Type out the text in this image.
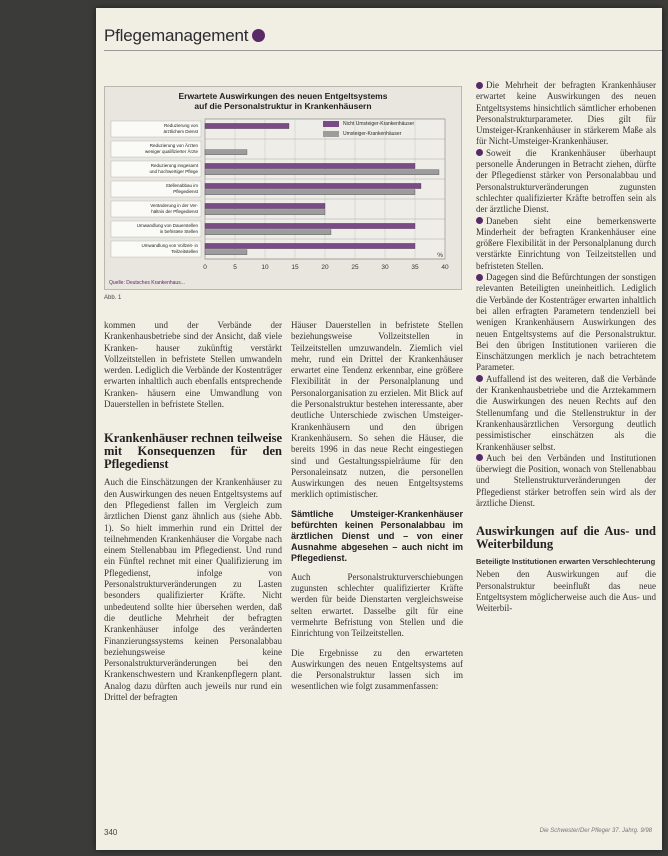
Pflegemanagement
Erwartete Auswirkungen des neuen Entgeltsystems
auf die Personalstruktur in Krankenhäusern
0	5	10	15	20	25	30	35	40
%
Reduzierung von
ärztlichem Dienst
Reduzierung von Ärzten
weniger qualifizierter Ärzte
Reduzierung insgesamt
und hochwertiger Pflege
Stellenabbau im
Pflegedienst
Veränderung in der Ver-
hältnis der Pflegedienst
Umwandlung von Dauerstellen
in befristete Stellen
Umwandlung von Vollzeit- in
Teilzeitstellen
Nicht Umsteiger-Krankenhäuser
Umsteiger-Krankenhäuser
Quelle: Deutsches Krankenhaus...
Abb. 1

kommen und der Verbände der Krankenhausbetriebe sind der Ansicht, daß viele Kranken- hauser zukünftig verstärkt Vollzeitstellen in befristete Stellen umwandeln werden. Lediglich die Verbände der Kostenträger erwarten inhaltlich auch ebenfalls entsprechende Kranken- häusern eine Umwandlung von Dauerstellen in befristete Stellen.

Krankenhäuser rechnen teilweise mit Konsequenzen für den Pflegedienst

Auch die Einschätzungen der Krankenhäuser zu den Auswirkungen des neuen Entgeltsystems auf den Pflegedienst fallen im Vergleich zum ärztlichen Dienst ganz ähnlich aus (siehe Abb. 1). So hielt immerhin rund ein Drittel der teilnehmenden Krankenhäuser die Vorgabe nach einem Stellenabbau im Pflegedienst. Und rund ein Fünftel rechnet mit einer Qualifizierung im Pflegedienst, infolge von Personalstrukturveränderungen zu Lasten besonders qualifizierter Kräfte. Nicht unbedeutend sollte hier übersehen werden, daß die deutliche Mehrheit der befragten Krankenhäuser infolge des veränderten Finanzierungssystems keinen Personalabbau beziehungsweise keine Personalstrukturveränderungen bei den Krankenschwestern und Krankenpflegern plant. Analog dazu dürften auch jeweils nur rund ein Drittel der befragten

Häuser Dauerstellen in befristete Stellen beziehungsweise Vollzeitstellen in Teilzeitstellen umzuwandeln. Ziemlich viel mehr, rund ein Drittel der Krankenhäuser erwartet eine Tendenz erkennbar, eine größere Flexibilität in der Personalplanung und Personalorganisation zu erzielen. Mit Blick auf die Personalstruktur bestehen interessante, aber deutliche Unterschiede zwischen Umsteiger-Krankenhäusern und den übrigen Krankenhäusern. So sehen die Häuser, die bereits 1996 in das neue Recht eingestiegen sind und Gestaltungsspielräume für den Personaleinsatz nutzen, die personellen Auswirkungen des neuen Entgeltsystems merklich optimistischer.

Sämtliche Umsteiger-Krankenhäuser befürchten keinen Personalabbau im ärztlichen Dienst und – von einer Ausnahme abgesehen – auch nicht im Pflegedienst.

Auch Personalstrukturverschiebungen zugunsten schlechter qualifizierter Kräfte werden für beide Dienstarten vergleichsweise selten erwartet. Dasselbe gilt für eine vermehrte Befristung von Stellen und die Einrichtung von Teilzeitstellen.

Die Ergebnisse zu den erwarteten Auswirkungen des neuen Entgeltsystems auf die Personalstruktur lassen sich im wesentlichen wie folgt zusammenfassen:

Die Mehrheit der befragten Krankenhäuser erwartet keine Auswirkungen des neuen Entgeltsystems hinsichtlich sämtlicher erhobenen Personalstrukturparameter. Dies gilt für Umsteiger-Krankenhäuser in stärkerem Maße als für Nicht-Umsteiger-Krankenhäuser.

Soweit die Krankenhäuser überhaupt personelle Änderungen in Betracht ziehen, dürfte der Pflegedienst stärker von Personalabbau und Personalstrukturveränderungen zugunsten schlechter qualifizierter Kräfte betroffen sein als der ärztliche Dienst.

Daneben sieht eine bemerkenswerte Minderheit der befragten Krankenhäuser eine größere Flexibilität in der Personalplanung durch verstärkte Einrichtung von Teilzeitstellen und befristeten Stellen.

Dagegen sind die Befürchtungen der sonstigen relevanten Beteiligten uneinheitlich. Lediglich die Verbände der Kostenträger erwarten inhaltlich bei allen erfragten Parametern tendenziell bei wenigen Krankenhäusern Auswirkungen des neuen Entgeltsystems auf die Personalstruktur. Bei den übrigen Institutionen variieren die Einschätzungen merklich je nach betrachtetem Parameter.

Auffallend ist des weiteren, daß die Verbände der Krankenhausbetriebe und die Arztekammern die Auswirkungen des neuen Rechts auf den Stellenumfang und die Stellenstruktur in der Krankenhausärztlichen Versorgung deutlich pessimistischer einschätzen als die Krankenhäuser selbst.

Auch bei den Verbänden und Institutionen überwiegt die Position, wonach von Stellenabbau und Stellenstrukturveränderungen der Pflegedienst stärker betroffen sein wird als der ärztliche Dienst.

Auswirkungen auf die Aus- und Weiterbildung
Beteiligte Institutionen erwarten Verschlechterung

Neben den Auswirkungen auf die Personalstruktur beeinflußt das neue Entgeltsystem möglicherweise auch die Aus- und Weiterbil-

340	Die Schwester/Der Pfleger 37. Jahrg. 9/98
